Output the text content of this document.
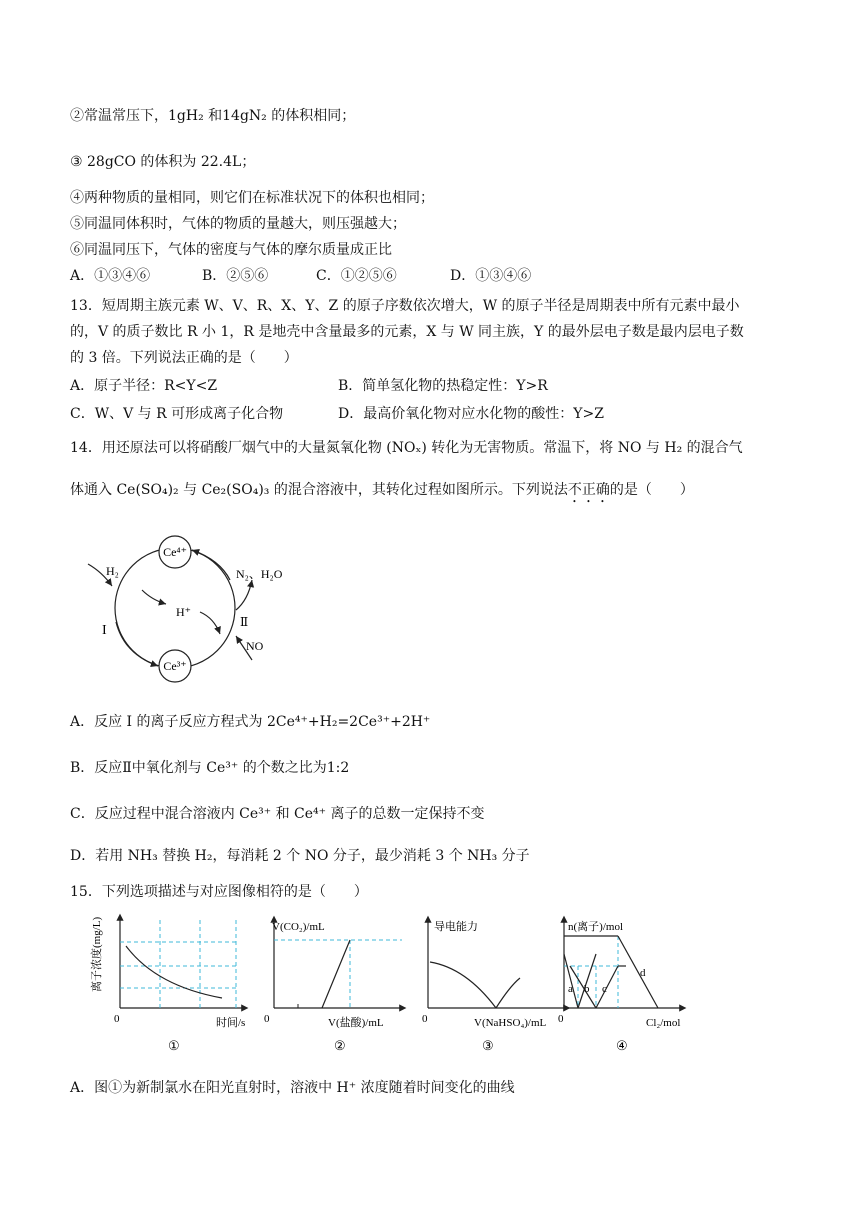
②常温常压下，1gH₂ 和14gN₂ 的体积相同；
③ 28gCO 的体积为 22.4L；
④两种物质的量相同，则它们在标准状况下的体积也相同；
⑤同温同体积时，气体的物质的量越大，则压强越大；
⑥同温同压下，气体的密度与气体的摩尔质量成正比
A．①③④⑥	B．②⑤⑥	C．①②⑤⑥	D．①③④⑥
13．短周期主族元素 W、V、R、X、Y、Z 的原子序数依次增大，W 的原子半径是周期表中所有元素中最小
的，V 的质子数比 R 小 1，R 是地壳中含量最多的元素，X 与 W 同主族，Y 的最外层电子数是最内层电子数
的 3 倍。下列说法正确的是（　　）
A．原子半径：R<Y<Z	B．简单氢化物的热稳定性：Y>R
C．W、V 与 R 可形成离子化合物	D．最高价氧化物对应水化物的酸性：Y>Z
14．用还原法可以将硝酸厂烟气中的大量氮氧化物 (NOₓ) 转化为无害物质。常温下，将 NO 与 H₂ 的混合气
体通入 Ce(SO₄)₂ 与 Ce₂(SO₄)₃ 的混合溶液中，其转化过程如图所示。下列说法不正确的是（　　）
Ce⁴⁺
Ce³⁺
H₂
H⁺
N₂、H₂O
Ⅱ
NO
I
A．反应 I 的离子反应方程式为 2Ce⁴⁺+H₂=2Ce³⁺+2H⁺
B．反应Ⅱ中氧化剂与 Ce³⁺ 的个数之比为1:2
C．反应过程中混合溶液内 Ce³⁺ 和 Ce⁴⁺ 离子的总数一定保持不变
D．若用 NH₃ 替换 H₂，每消耗 2 个 NO 分子，最少消耗 3 个 NH₃ 分子
15．下列选项描述与对应图像相符的是（　　）
离子浓度(mg/L)
时间/s
0
①
V(CO₂)/mL
V(盐酸)/mL
0
②
导电能力
V(NaHSO₄)/mL
0
③
a b c
d
n(离子)/mol
Cl₂/mol
0
④
A．图①为新制氯水在阳光直射时，溶液中 H⁺ 浓度随着时间变化的曲线
